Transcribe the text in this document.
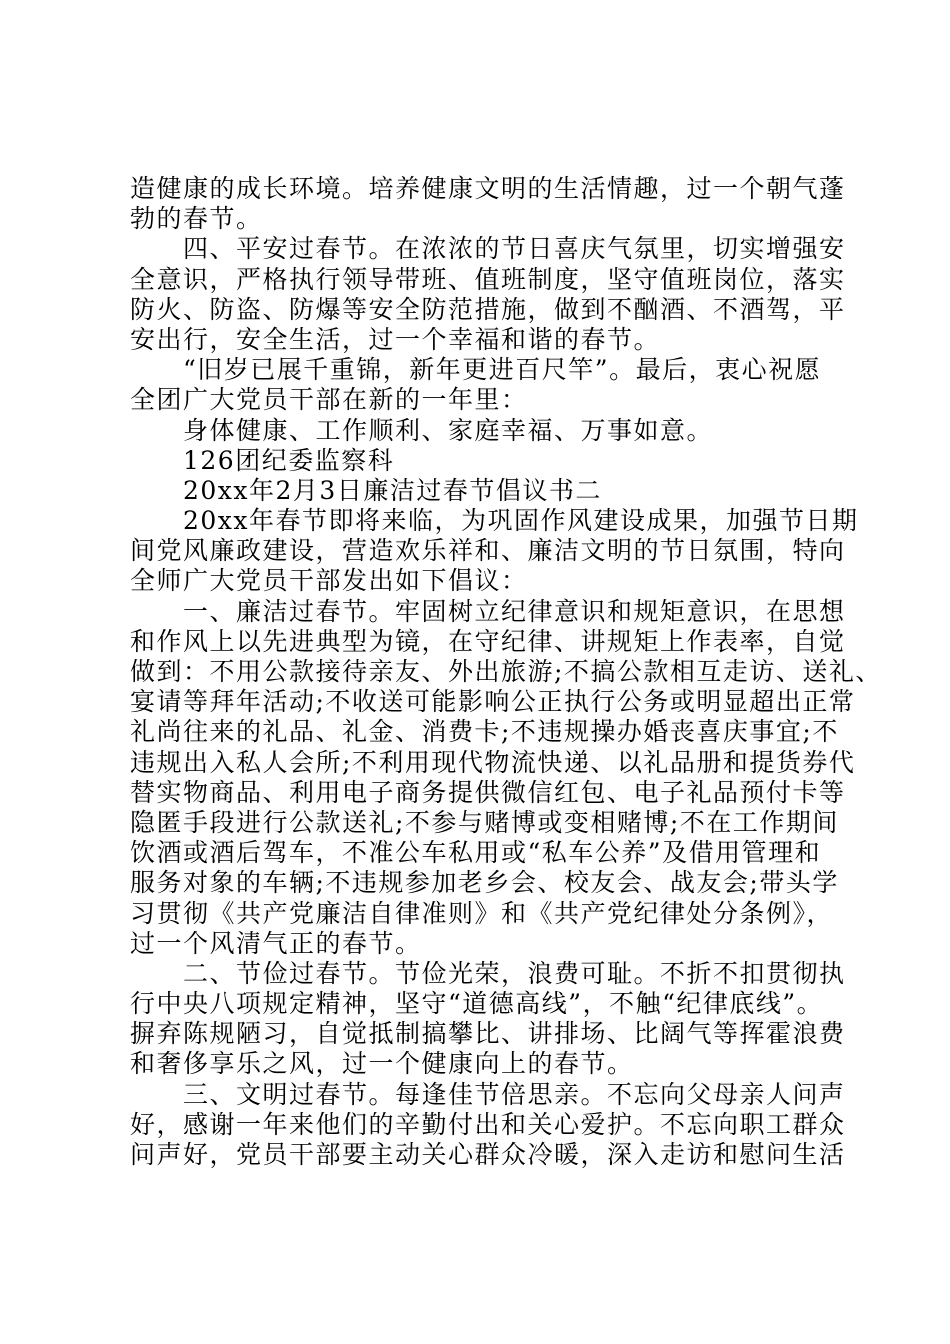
造健康的成长环境。培养健康文明的生活情趣，过一个朝气蓬
勃的春节。
　　四、平安过春节。在浓浓的节日喜庆气氛里，切实增强安
全意识，严格执行领导带班、值班制度，坚守值班岗位，落实
防火、防盗、防爆等安全防范措施，做到不酗酒、不酒驾，平
安出行，安全生活，过一个幸福和谐的春节。
　　“旧岁已展千重锦，新年更进百尺竿”。最后，衷心祝愿
全团广大党员干部在新的一年里：
　　身体健康、工作顺利、家庭幸福、万事如意。
　　126团纪委监察科
　　20xx年2月3日廉洁过春节倡议书二
　　20xx年春节即将来临，为巩固作风建设成果，加强节日期
间党风廉政建设，营造欢乐祥和、廉洁文明的节日氛围，特向
全师广大党员干部发出如下倡议：
　　一、廉洁过春节。牢固树立纪律意识和规矩意识，在思想
和作风上以先进典型为镜，在守纪律、讲规矩上作表率，自觉
做到：不用公款接待亲友、外出旅游;不搞公款相互走访、送礼、
宴请等拜年活动;不收送可能影响公正执行公务或明显超出正常
礼尚往来的礼品、礼金、消费卡;不违规操办婚丧喜庆事宜;不
违规出入私人会所;不利用现代物流快递、以礼品册和提货券代
替实物商品、利用电子商务提供微信红包、电子礼品预付卡等
隐匿手段进行公款送礼;不参与赌博或变相赌博;不在工作期间
饮酒或酒后驾车，不准公车私用或“私车公养”及借用管理和
服务对象的车辆;不违规参加老乡会、校友会、战友会;带头学
习贯彻《共产党廉洁自律准则》和《共产党纪律处分条例》，
过一个风清气正的春节。
　　二、节俭过春节。节俭光荣，浪费可耻。不折不扣贯彻执
行中央八项规定精神，坚守“道德高线”，不触“纪律底线”。
摒弃陈规陋习，自觉抵制搞攀比、讲排场、比阔气等挥霍浪费
和奢侈享乐之风，过一个健康向上的春节。
　　三、文明过春节。每逢佳节倍思亲。不忘向父母亲人问声
好，感谢一年来他们的辛勤付出和关心爱护。不忘向职工群众
问声好，党员干部要主动关心群众冷暖，深入走访和慰问生活
